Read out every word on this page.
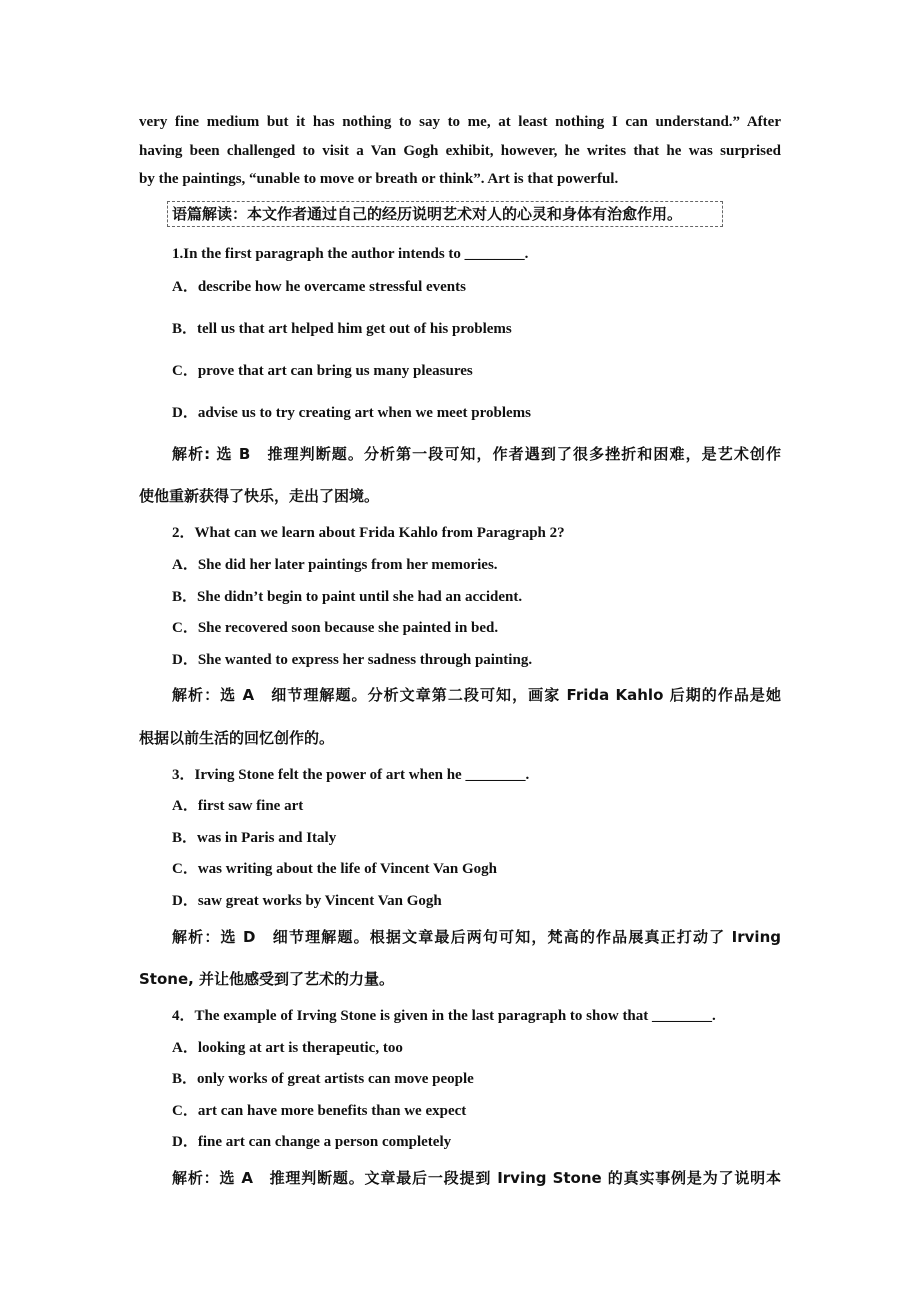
very fine medium but it has nothing to say to me, at least nothing I can understand.” After
having been challenged to visit a Van Gogh exhibit, however, he writes that he was surprised
by the paintings, “unable to move or breath or think”. Art is that powerful.
语篇解读：本文作者通过自己的经历说明艺术对人的心灵和身体有治愈作用。
1.In the first paragraph the author intends to ________.
A．describe how he overcame stressful events
B．tell us that art helped him get out of his problems
C．prove that art can bring us many pleasures
D．advise us to try creating art when we meet problems
解析: 选 B　推理判断题。分析第一段可知，作者遇到了很多挫折和困难，是艺术创作
使他重新获得了快乐，走出了困境。
2．What can we learn about Frida Kahlo from Paragraph 2?
A．She did her later paintings from her memories.
B．She didn’t begin to paint until she had an accident.
C．She recovered soon because she painted in bed.
D．She wanted to express her sadness through painting.
解析：选 A　细节理解题。分析文章第二段可知，画家 Frida Kahlo 后期的作品是她
根据以前生活的回忆创作的。
3．Irving Stone felt the power of art when he ________.
A．first saw fine art
B．was in Paris and Italy
C．was writing about the life of Vincent Van Gogh
D．saw great works by Vincent Van Gogh
解析：选 D　细节理解题。根据文章最后两句可知，梵高的作品展真正打动了 Irving
Stone, 并让他感受到了艺术的力量。
4．The example of Irving Stone is given in the last paragraph to show that ________.
A．looking at art is therapeutic, too
B．only works of great artists can move people
C．art can have more benefits than we expect
D．fine art can change a person completely
解析：选 A　推理判断题。文章最后一段提到 Irving Stone 的真实事例是为了说明本
